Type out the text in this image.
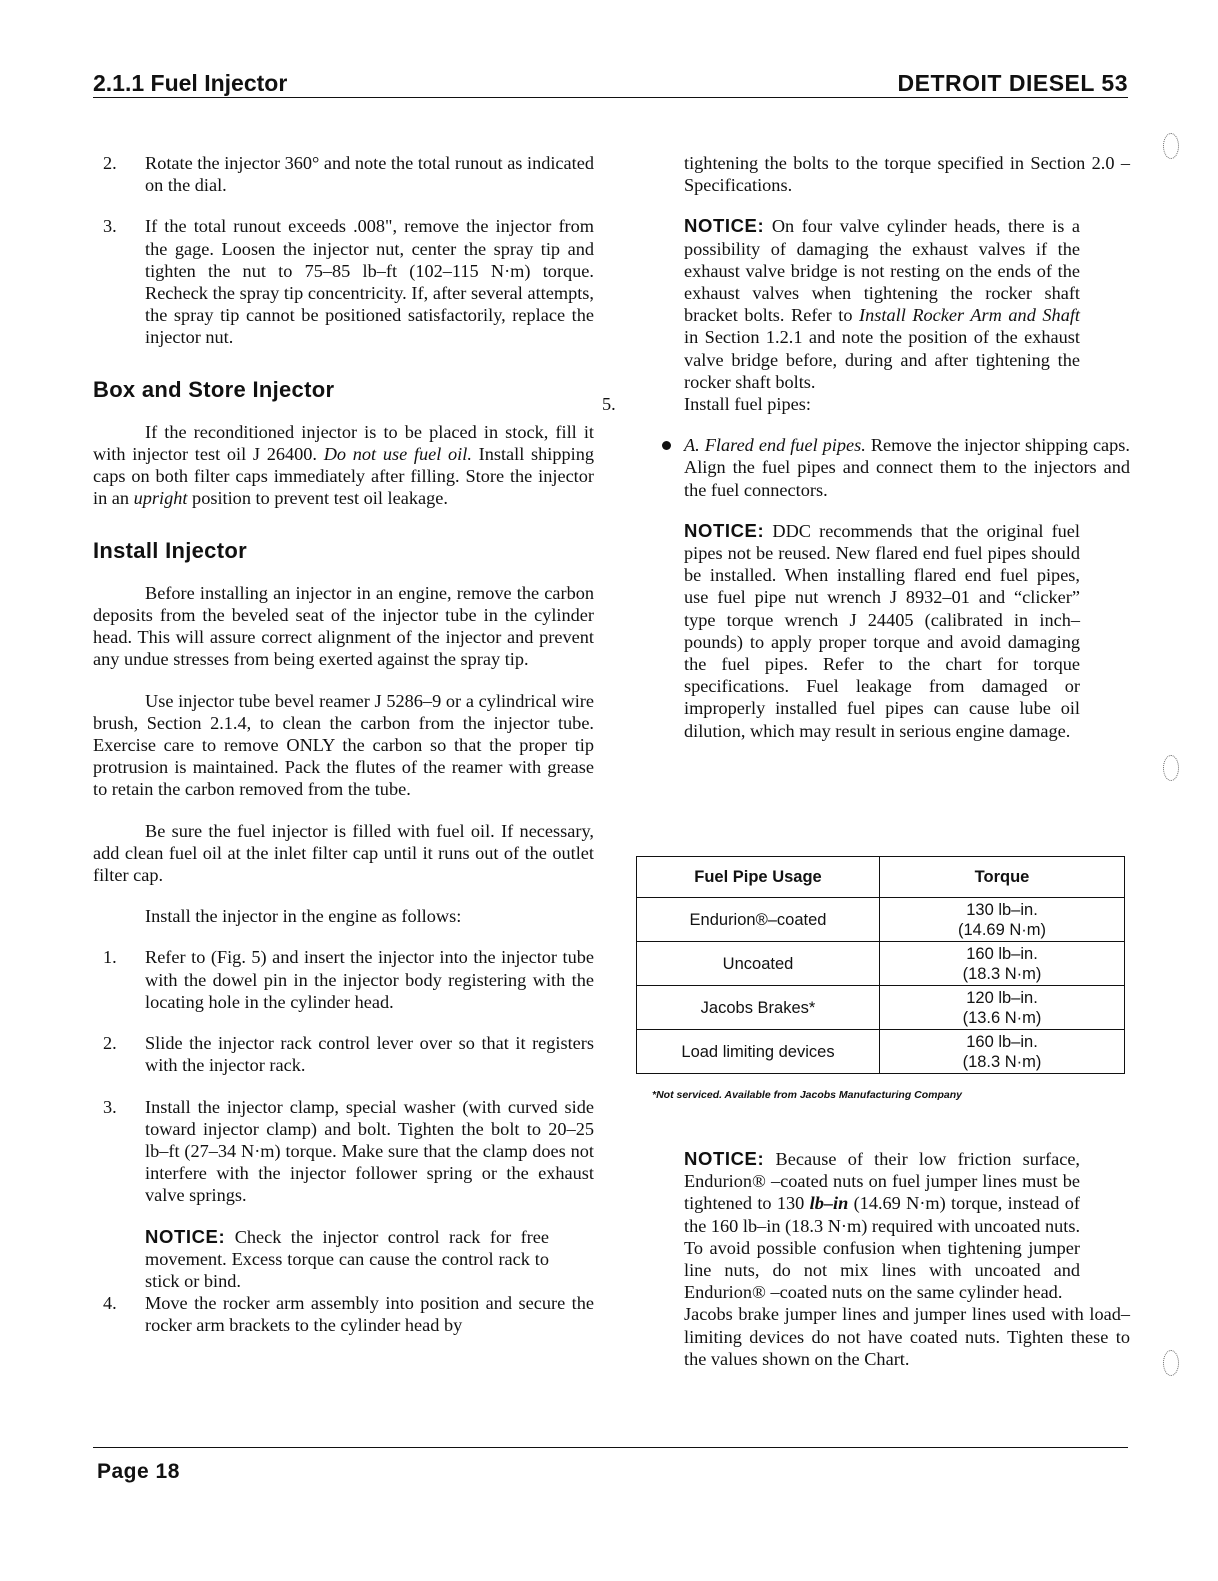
2.1.1 Fuel Injector	DETROIT DIESEL 53
2. Rotate the injector 360° and note the total runout as indicated on the dial.

3. If the total runout exceeds .008", remove the injector from the gage. Loosen the injector nut, center the spray tip and tighten the nut to 75–85 lb–ft (102–115 N·m) torque. Recheck the spray tip concentricity. If, after several attempts, the spray tip cannot be positioned satisfactorily, replace the injector nut.

Box and Store Injector

If the reconditioned injector is to be placed in stock, fill it with injector test oil J 26400. Do not use fuel oil. Install shipping caps on both filter caps immediately after filling. Store the injector in an upright position to prevent test oil leakage.

Install Injector

Before installing an injector in an engine, remove the carbon deposits from the beveled seat of the injector tube in the cylinder head. This will assure correct alignment of the injector and prevent any undue stresses from being exerted against the spray tip.

Use injector tube bevel reamer J 5286–9 or a cylindrical wire brush, Section 2.1.4, to clean the carbon from the injector tube. Exercise care to remove ONLY the carbon so that the proper tip protrusion is maintained. Pack the flutes of the reamer with grease to retain the carbon removed from the tube.

Be sure the fuel injector is filled with fuel oil. If necessary, add clean fuel oil at the inlet filter cap until it runs out of the outlet filter cap.

Install the injector in the engine as follows:

1. Refer to (Fig. 5) and insert the injector into the injector tube with the dowel pin in the injector body registering with the locating hole in the cylinder head.

2. Slide the injector rack control lever over so that it registers with the injector rack.

3. Install the injector clamp, special washer (with curved side toward injector clamp) and bolt. Tighten the bolt to 20–25 lb–ft (27–34 N·m) torque. Make sure that the clamp does not interfere with the injector follower spring or the exhaust valve springs.

NOTICE: Check the injector control rack for free movement. Excess torque can cause the control rack to stick or bind.

4. Move the rocker arm assembly into position and secure the rocker arm brackets to the cylinder head by

tightening the bolts to the torque specified in Section 2.0 – Specifications.

NOTICE: On four valve cylinder heads, there is a possibility of damaging the exhaust valves if the exhaust valve bridge is not resting on the ends of the exhaust valves when tightening the rocker shaft bracket bolts. Refer to Install Rocker Arm and Shaft in Section 1.2.1 and note the position of the exhaust valve bridge before, during and after tightening the rocker shaft bolts.

5.	Install fuel pipes:

A. Flared end fuel pipes. Remove the injector shipping caps. Align the fuel pipes and connect them to the injectors and the fuel connectors.

NOTICE: DDC recommends that the original fuel pipes not be reused. New flared end fuel pipes should be installed. When installing flared end fuel pipes, use fuel pipe nut wrench J 8932–01 and “clicker” type torque wrench J 24405 (calibrated in inch–pounds) to apply proper torque and avoid damaging the fuel pipes. Refer to the chart for torque specifications. Fuel leakage from damaged or improperly installed fuel pipes can cause lube oil dilution, which may result in serious engine damage.

Fuel Pipe Usage	Torque
Endurion®–coated	130 lb–in.
(14.69 N·m)

Uncoated	160 lb–in.
(18.3 N·m)

Jacobs Brakes*	120 lb–in.
(13.6 N·m)

Load limiting devices	160 lb–in.
(18.3 N·m)
*Not serviced. Available from Jacobs Manufacturing Company

NOTICE: Because of their low friction surface, Endurion® –coated nuts on fuel jumper lines must be tightened to 130 lb–in (14.69 N·m) torque, instead of the 160 lb–in (18.3 N·m) required with uncoated nuts. To avoid possible confusion when tightening jumper line nuts, do not mix lines with uncoated and Endurion® –coated nuts on the same cylinder head.

Jacobs brake jumper lines and jumper lines used with load–limiting devices do not have coated nuts. Tighten these to the values shown on the Chart.

Page 18
